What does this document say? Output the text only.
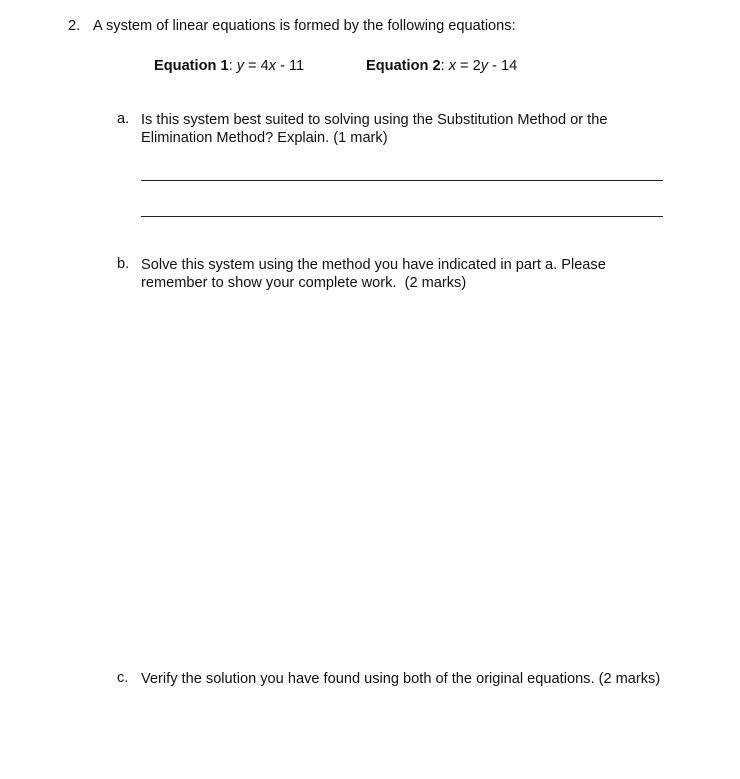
2. A system of linear equations is formed by the following equations:
Equation 1: y = 4x - 11	Equation 2: x = 2y - 14
a. Is this system best suited to solving using the Substitution Method or the
Elimination Method? Explain. (1 mark)
b. Solve this system using the method you have indicated in part a. Please
remember to show your complete work.  (2 marks)
c. Verify the solution you have found using both of the original equations. (2 marks)
